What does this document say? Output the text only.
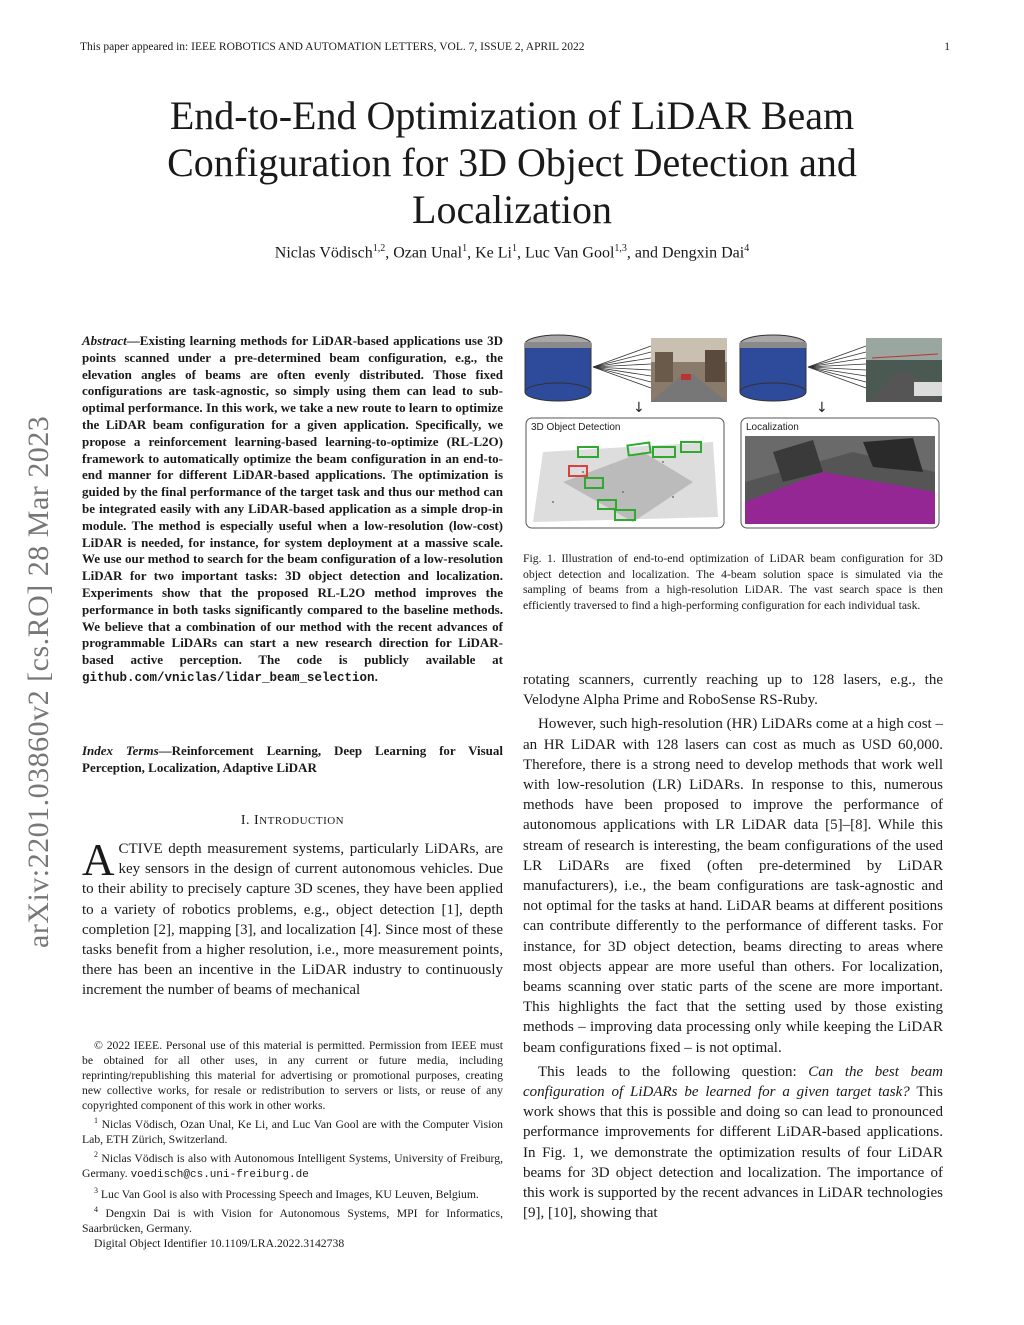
This paper appeared in: IEEE ROBOTICS AND AUTOMATION LETTERS, VOL. 7, ISSUE 2, APRIL 2022	1
arXiv:2201.03860v2 [cs.RO] 28 Mar 2023
End-to-End Optimization of LiDAR Beam Configuration for 3D Object Detection and Localization
Niclas Vödisch$^{1,2}$, Ozan Unal$^1$, Ke Li$^1$, Luc Van Gool$^{1,3}$, and Dengxin Dai$^4$
Abstract—Existing learning methods for LiDAR-based applications use 3D points scanned under a pre-determined beam configuration, e.g., the elevation angles of beams are often evenly distributed. Those fixed configurations are task-agnostic, so simply using them can lead to sub-optimal performance. In this work, we take a new route to learn to optimize the LiDAR beam configuration for a given application. Specifically, we propose a reinforcement learning-based learning-to-optimize (RL-L2O) framework to automatically optimize the beam configuration in an end-to-end manner for different LiDAR-based applications. The optimization is guided by the final performance of the target task and thus our method can be integrated easily with any LiDAR-based application as a simple drop-in module. The method is especially useful when a low-resolution (low-cost) LiDAR is needed, for instance, for system deployment at a massive scale. We use our method to search for the beam configuration of a low-resolution LiDAR for two important tasks: 3D object detection and localization. Experiments show that the proposed RL-L2O method improves the performance in both tasks significantly compared to the baseline methods. We believe that a combination of our method with the recent advances of programmable LiDARs can start a new research direction for LiDAR-based active perception. The code is publicly available at github.com/vniclas/lidar_beam_selection.
Index Terms—Reinforcement Learning, Deep Learning for Visual Perception, Localization, Adaptive LiDAR
I. INTRODUCTION
ACTIVE depth measurement systems, particularly LiDARs, are key sensors in the design of current autonomous vehicles. Due to their ability to precisely capture 3D scenes, they have been applied to a variety of robotics problems, e.g., object detection [1], depth completion [2], mapping [3], and localization [4]. Since most of these tasks benefit from a higher resolution, i.e., more measurement points, there has been an incentive in the LiDAR industry to continuously increment the number of beams of mechanical

© 2022 IEEE. Personal use of this material is permitted. Permission from IEEE must be obtained for all other uses, in any current or future media, including reprinting/republishing this material for advertising or promotional purposes, creating new collective works, for resale or redistribution to servers or lists, or reuse of any copyrighted component of this work in other works.

$^1$ Niclas Vödisch, Ozan Unal, Ke Li, and Luc Van Gool are with the Computer Vision Lab, ETH Zürich, Switzerland.

$^2$ Niclas Vödisch is also with Autonomous Intelligent Systems, University of Freiburg, Germany. voedisch@cs.uni-freiburg.de

$^3$ Luc Van Gool is also with Processing Speech and Images, KU Leuven, Belgium.

$^4$ Dengxin Dai is with Vision for Autonomous Systems, MPI for Informatics, Saarbrücken, Germany.

Digital Object Identifier 10.1109/LRA.2022.3142738

↓	↓
3D Object Detection	Localization
Fig. 1. Illustration of end-to-end optimization of LiDAR beam configuration for 3D object detection and localization. The 4-beam solution space is simulated via the sampling of beams from a high-resolution LiDAR. The vast search space is then efficiently traversed to find a high-performing configuration for each individual task.

rotating scanners, currently reaching up to 128 lasers, e.g., the Velodyne Alpha Prime and RoboSense RS-Ruby.

However, such high-resolution (HR) LiDARs come at a high cost – an HR LiDAR with 128 lasers can cost as much as USD 60,000. Therefore, there is a strong need to develop methods that work well with low-resolution (LR) LiDARs. In response to this, numerous methods have been proposed to improve the performance of autonomous applications with LR LiDAR data [5]–[8]. While this stream of research is interesting, the beam configurations of the used LR LiDARs are fixed (often pre-determined by LiDAR manufacturers), i.e., the beam configurations are task-agnostic and not optimal for the tasks at hand. LiDAR beams at different positions can contribute differently to the performance of different tasks. For instance, for 3D object detection, beams directing to areas where most objects appear are more useful than others. For localization, beams scanning over static parts of the scene are more important. This highlights the fact that the setting used by those existing methods – improving data processing only while keeping the LiDAR beam configurations fixed – is not optimal.

This leads to the following question: Can the best beam configuration of LiDARs be learned for a given target task? This work shows that this is possible and doing so can lead to pronounced performance improvements for different LiDAR-based applications. In Fig. 1, we demonstrate the optimization results of four LiDAR beams for 3D object detection and localization. The importance of this work is supported by the recent advances in LiDAR technologies [9], [10], showing that
